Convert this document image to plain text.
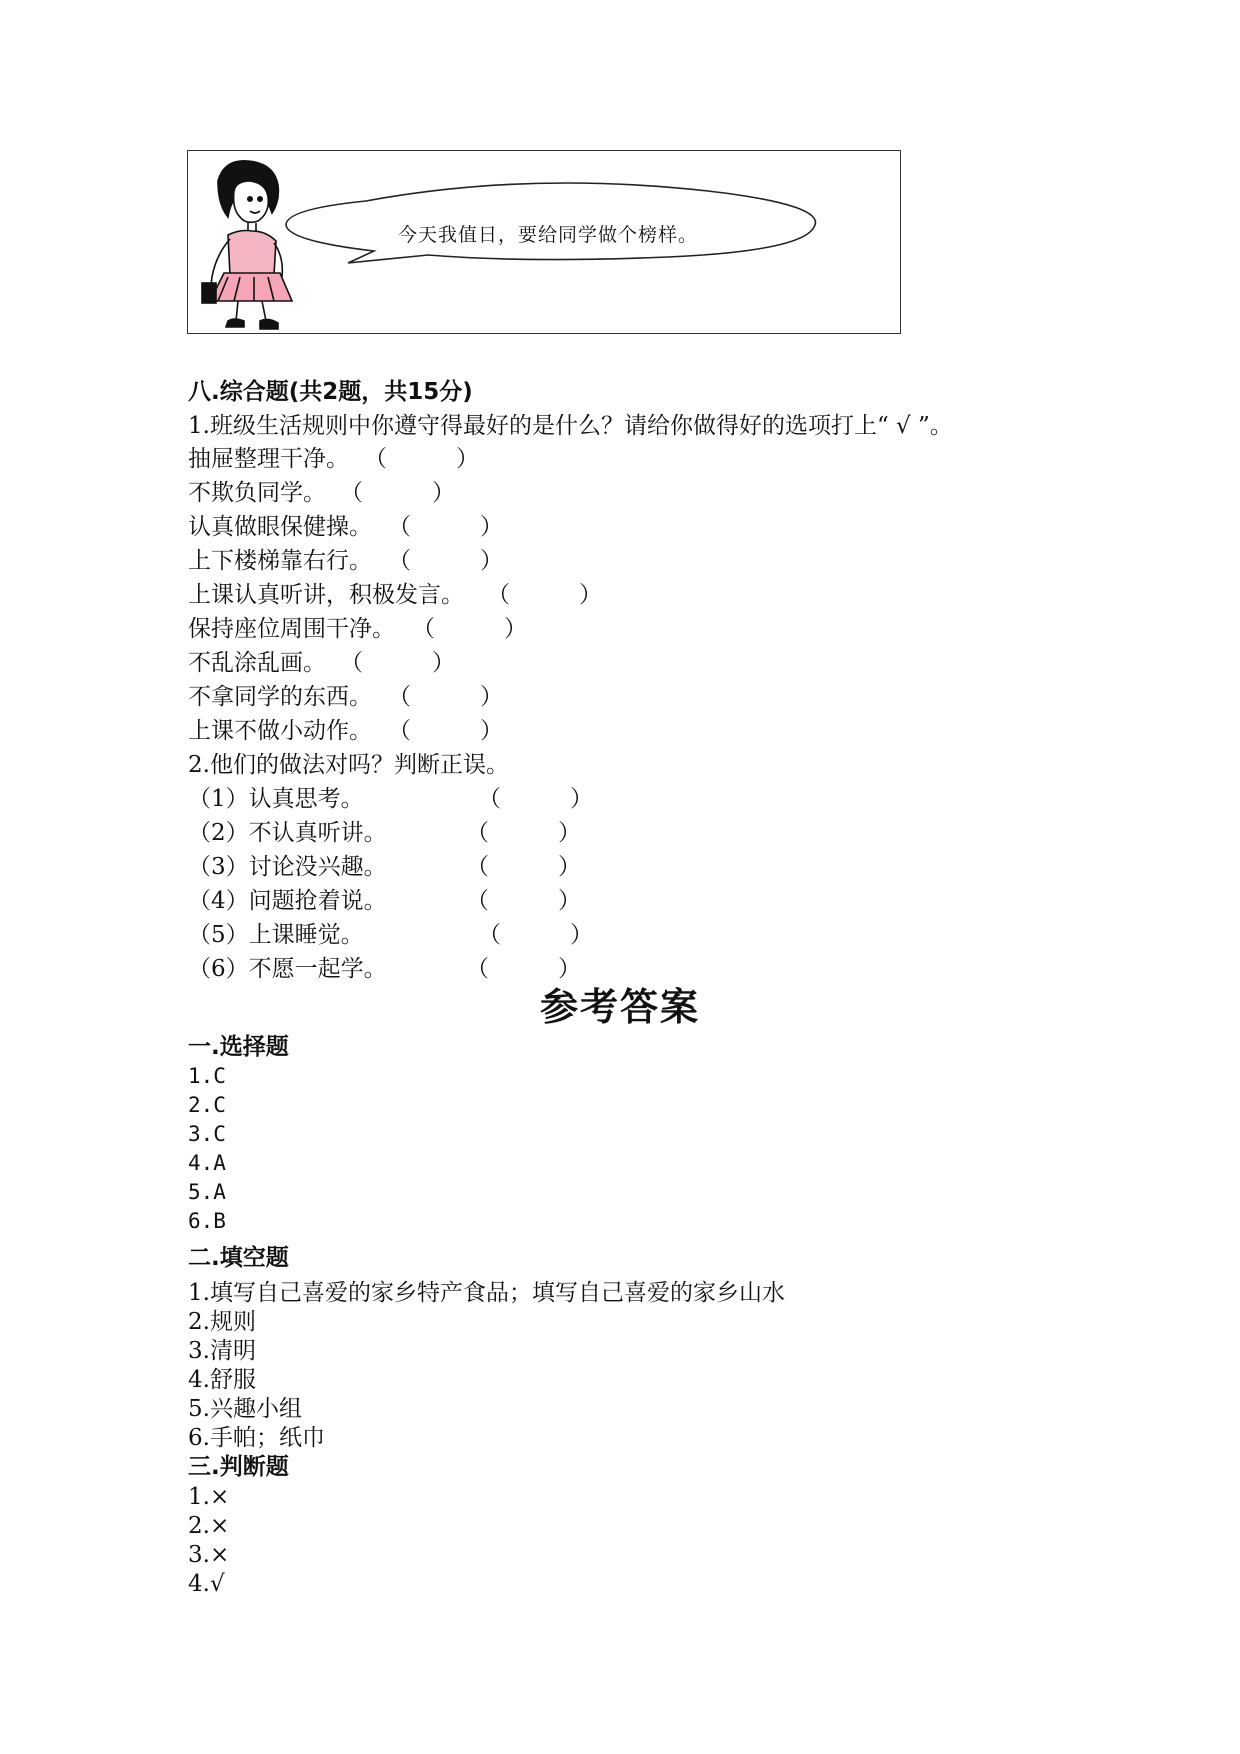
今天我值日，要给同学做个榜样。
八.综合题(共2题，共15分)
1.班级生活规则中你遵守得最好的是什么？请给你做得好的选项打上“ √ ”。
抽屉整理干净。 （　　　）
不欺负同学。 （　　　）
认真做眼保健操。 （　　　）
上下楼梯靠右行。 （　　　）
上课认真听讲，积极发言。 （　　　）
保持座位周围干净。 （　　　）
不乱涂乱画。 （　　　）
不拿同学的东西。 （　　　）
上课不做小动作。 （　　　）
2.他们的做法对吗？判断正误。
（1）认真思考。	（　　　）
（2）不认真听讲。	（　　　）
（3）讨论没兴趣。	（　　　）
（4）问题抢着说。	（　　　）
（5）上课睡觉。	（　　　）
（6）不愿一起学。	（　　　）
参考答案
一.选择题
1.C
2.C
3.C
4.A
5.A
6.B
二.填空题
1.填写自己喜爱的家乡特产食品；填写自己喜爱的家乡山水
2.规则
3.清明
4.舒服
5.兴趣小组
6.手帕；纸巾
三.判断题
1.×
2.×
3.×
4.√
